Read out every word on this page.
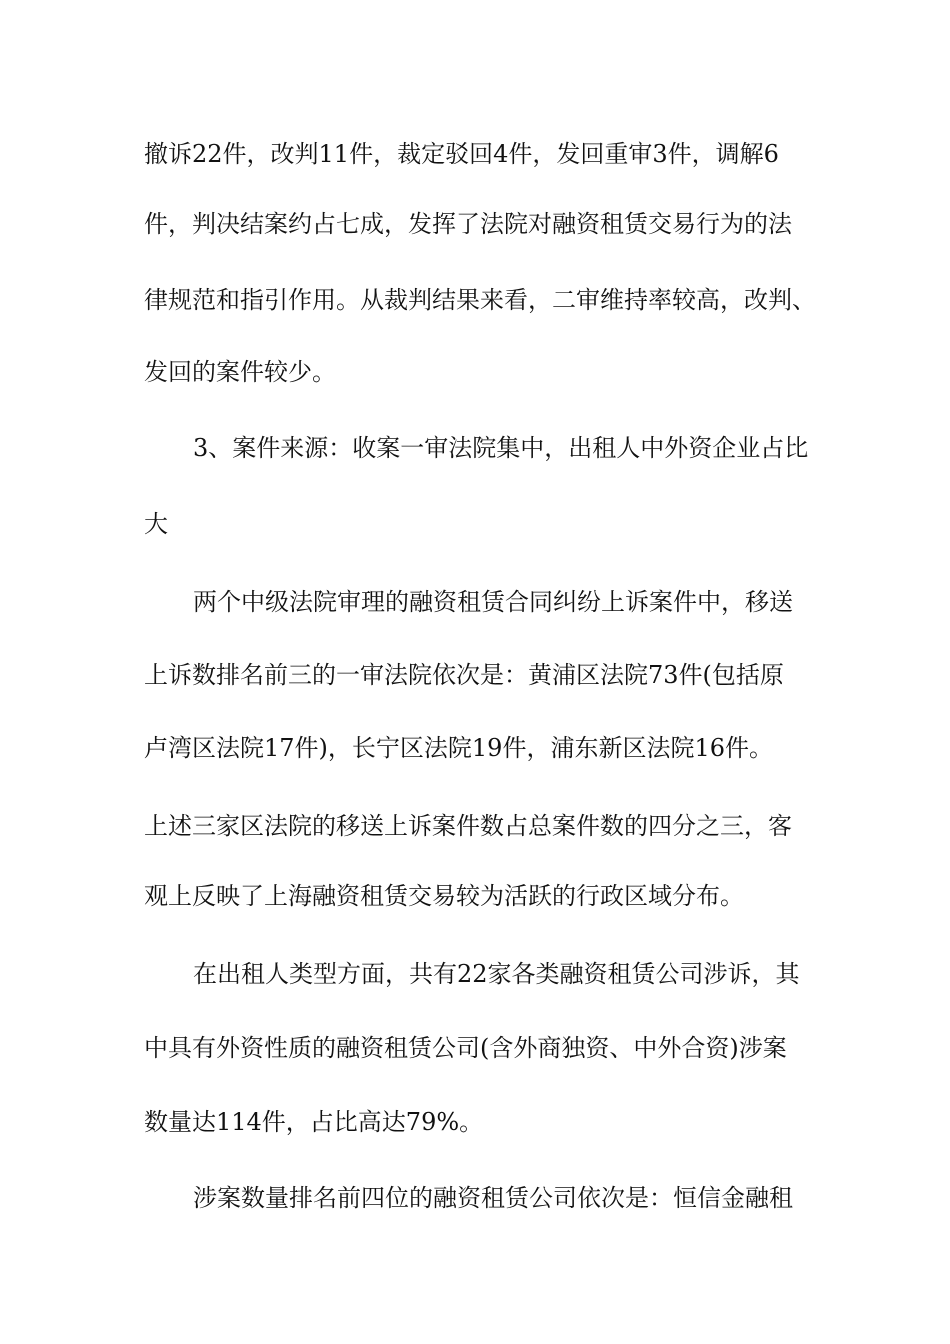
撤诉22件，改判11件，裁定驳回4件，发回重审3件，调解6
件，判决结案约占七成，发挥了法院对融资租赁交易行为的法
律规范和指引作用。从裁判结果来看，二审维持率较高，改判、
发回的案件较少。
3、案件来源：收案一审法院集中，出租人中外资企业占比
大
两个中级法院审理的融资租赁合同纠纷上诉案件中，移送
上诉数排名前三的一审法院依次是：黄浦区法院73件(包括原
卢湾区法院17件)，长宁区法院19件，浦东新区法院16件。
上述三家区法院的移送上诉案件数占总案件数的四分之三，客
观上反映了上海融资租赁交易较为活跃的行政区域分布。
在出租人类型方面，共有22家各类融资租赁公司涉诉，其
中具有外资性质的融资租赁公司(含外商独资、中外合资)涉案
数量达114件，占比高达79%。
涉案数量排名前四位的融资租赁公司依次是：恒信金融租
